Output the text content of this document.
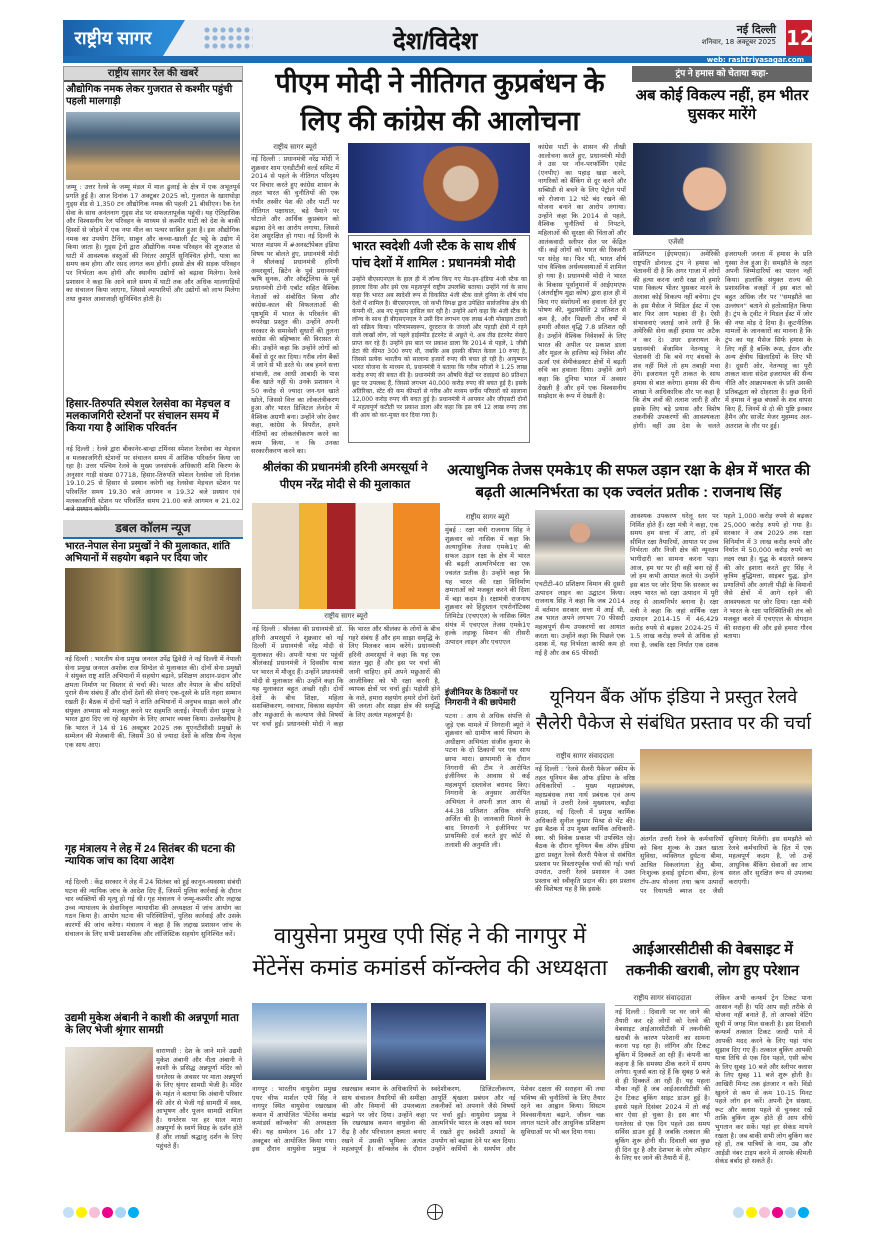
राष्ट्रीय सागर	देश/विदेश	नई दिल्ली
शनिवार, 18 अक्टूबर 2025 12
web: rashtriyasagar.com
राष्ट्रीय सागर रेल की खबरें
औद्योगिक नमक लेकर गुजरात से कश्मीर पहुंची पहली मालगाड़ी
जम्मू : उत्तर रेलवे के जम्मू मंडल में माल ढुलाई के क्षेत्र में एक अभूतपूर्व प्रगति हुई है। आज दिनांक 17 अक्टूबर 2025 को, गुजरात के खाराघोड़ा गुड्स शेड से 1,350 टन औद्योगिक नमक की पहली 21 बीसीएन। रैक रेल सेवा के साथ अनंतनाग गुड्स शेड पर सफलतापूर्वक पहुंची। यह ऐतिहासिक और विश्वसनीय रेल परिवहन के माध्यम से कश्मीर घाटी को देश के बाकी हिस्सों से जोड़ने में एक नया मील का पत्थर साबित हुआ है। इस औद्योगिक नमक का उपयोग टैनिंग, साबुन और कच्चा-खाली ईंट भट्ठे के उद्योग में किया जाता है। गुड्स ट्रेनों द्वारा औद्योगिक नमक परिवहन की शुरुआत से घाटी में आवश्यक वस्तुओं की निरंतर आपूर्ति सुनिश्चित होगी, यात्रा का समय कम होगा और रसद लागत कम होगी। इससे क्षेत्र की सड़क परिवहन पर निर्भरता कम होगी और स्थानीय उद्योगों को बढ़ावा मिलेगा। रेलवे प्रशासन ने कहा कि आने वाले समय में घाटी तक और अधिक मालगाड़ियों का संचालन किया जाएगा, जिससे व्यापारियों और उद्योगों को लाभ मिलेगा तथा कुशल आवाजाही सुनिश्चित होती है।
हिसार-तिरुपति स्पेशल रेलसेवा का मेड़चल व मलकाजगिरी स्टेशनों पर संचालन समय में किया गया है आंशिक परिवर्तन
नई दिल्ली : रेलवे द्वारा बीकानेर-बान्द्रा टर्मिनस स्पेशल रेलसेवा का मेड़चल व मलकाजगिरी स्टेशनों पर संचालन समय में आंशिक परिवर्तन किया जा रहा है। उत्तर पश्चिम रेलवे के मुख्य जनसंपर्क अधिकारी शशि किरण के अनुसार गाड़ी संख्या 07718, हिसार-तिरुपति स्पेशल रेलसेवा जो दिनांक 19.10.25 से हिसार से प्रस्थान करेगी वह रेलसेवा मेड़चल स्टेशन पर परिवर्तित समय 19.30 बजे आगमन व 19.32 बजे प्रस्थान एवं मलकाजगिरी स्टेशन पर परिवर्तित समय 21.00 बजे आगमन व 21.02 बजे प्रस्थान करेगी।
डबल कॉलम न्यूज
भारत-नेपाल सेना प्रमुखों ने की मुलाकात, शांति अभियानों में सहयोग बढ़ाने पर दिया जोर
नई दिल्ली : भारतीय सेना प्रमुख जनरल उपेंद्र द्विवेदी ने नई दिल्ली में नेपाली सेना प्रमुख जनरल अशोक राज सिग्देल से मुलाकात की। दोनों सेना प्रमुखों ने संयुक्त राष्ट्र शांति अभियानों में सहयोग बढ़ाने, प्रशिक्षण आदान-प्रदान और क्षमता निर्माण पर विस्तार से चर्चा की। भारत और नेपाल के बीच सदियों पुराने सैन्य संबंध हैं और दोनों देशों की सेनाएं एक-दूसरे के प्रति गहरा सम्मान रखती हैं। बैठक में दोनों पक्षों ने शांति अभियानों में अनुभव साझा करने और संयुक्त अभ्यास को मजबूत करने पर सहमति जताई। नेपाली सेना प्रमुख ने भारत द्वारा दिए जा रहे सहयोग के लिए आभार व्यक्त किया। उल्लेखनीय है कि भारत ने 14 से 16 अक्टूबर 2025 तक यूएनटीसीसी प्रमुखों के सम्मेलन की मेजबानी की, जिसमें 30 से ज्यादा देशों के वरिष्ठ सैन्य नेतृत्व एक साथ आए।
गृह मंत्रालय ने लेह में 24 सितंबर की घटना की न्यायिक जांच का दिया आदेश
नई दिल्ली : केंद्र सरकार ने लेह में 24 सितंबर को हुई कानून-व्यवस्था संबंधी घटना की न्यायिक जांच के आदेश दिए हैं, जिसमें पुलिस कार्रवाई के दौरान चार व्यक्तियों की मृत्यु हो गई थी। गृह मंत्रालय ने जम्मू-कश्मीर और लद्दाख उच्च न्यायालय के सेवानिवृत्त न्यायाधीश की अध्यक्षता में जांच आयोग का गठन किया है। आयोग घटना की परिस्थितियों, पुलिस कार्रवाई और उसके कारणों की जांच करेगा। मंत्रालय ने कहा है कि लद्दाख प्रशासन जांच के संचालन के लिए सभी प्रशासनिक और लॉजिस्टिक सहयोग सुनिश्चित करें।
उद्यमी मुकेश अंबानी ने काशी की अन्नपूर्णा माता के लिए भेजी श्रृंगार सामग्री
वाराणसी : देश के जाने माने उद्यमी मुकेश अंबानी और नीता अंबानी ने काशी के प्रसिद्ध अन्नपूर्णा मंदिर को धनतेरस के अवसर पर माता अन्नपूर्णा के लिए श्रृंगार सामग्री भेजी है। मंदिर के महंत ने बताया कि अंबानी परिवार की ओर से भेजी गई सामग्री में वस्त्र, आभूषण और पूजन सामग्री शामिल है। धनतेरस पर हर साल माता अन्नपूर्णा के स्वर्ण विग्रह के दर्शन होते हैं और लाखों श्रद्धालु दर्शन के लिए पहुंचते हैं।
पीएम मोदी ने नीतिगत कुप्रबंधन के लिए की कांग्रेस की आलोचना
राष्ट्रीय सागर ब्यूरो
नई दिल्ली : प्रधानमंत्री नरेंद्र मोदी ने शुक्रवार शाम एनडीटीवी वर्ल्ड समिट में 2014 से पहले के नीतिगत परिदृश्य पर विचार करते हुए कांग्रेस शासन के तहत भारत की चुनौतियों की एक गंभीर तस्वीर पेश की और पार्टी पर नीतिगत पक्षाघात, बड़े पैमाने पर घोटाले और आर्थिक कुप्रबंधन को बढ़ावा देने का आरोप लगाया, जिससे देश असुरक्षित हो गया। नई दिल्ली के भारत मंडपम में #अनस्टॉपेबल इंडिया विषय पर बोलते हुए, प्रधानमंत्री मोदी ने श्रीलंकाई प्रधानमंत्री हरिणी अमरसूर्या, ब्रिटेन के पूर्व प्रधानमंत्री ऋषि सुनक, और ऑस्ट्रेलिया के पूर्व प्रधानमंत्री टोनी एबॉट सहित वैश्विक नेताओं को संबोधित किया और कांग्रेस-काल की विफलताओं की पृष्ठभूमि में भारत के परिवर्तन की रूपरेखा प्रस्तुत की। उन्होंने अपनी सरकार के समावेशी सुधारों की तुलना कांग्रेस की बहिष्कार की विरासत से की। उन्होंने कहा कि उन्होंने लोगों को बैंकों से दूर कर दिया। गरीब लोग बैंकों में जाने से भी डरते थे। जब हमने सत्ता संभाली, तब आधी आबादी के पास बैंक खाते नहीं थे। उनके प्रशासन ने 50 करोड़ से ज्यादा जन-धन खाते खोले, जिससे वित्त का लोकतंत्रीकरण हुआ और भारत डिजिटल लेनदेन में वैश्विक अग्रणी बना। उन्होंने जोर देकर कहा, कांग्रेस के विपरीत, हमने नीतियों का लोकतंत्रीकरण करने का काम किया, न कि उनका सरकारीकरण करने का।
भारत स्वदेशी 4जी स्टैक के साथ शीर्ष पांच देशों में शामिल : प्रधानमंत्री मोदी
उन्होंने बीएसएनएल के हाल ही में लॉन्च किए गए मेड-इन-इंडिया 4जी स्टैक का हवाला दिया और इसे एक महत्वपूर्ण राष्ट्रीय उपलब्धि बताया। उन्होंने गर्व के साथ कहा कि भारत अब स्वदेशी रूप से विकसित 4जी स्टैक वाले दुनिया के शीर्ष पांच देशों में शामिल है। बीएसएनएल, जो कभी विपक्ष द्वारा उपेक्षित सार्वजनिक क्षेत्र की कंपनी थी, अब नए मुकाम हासिल कर रही है। उन्होंने आगे कहा कि 4जी स्टैक के लॉन्च के साथ ही बीएसएनएल ने उसी दिन लगभग एक लाख 4जी मोबाइल टावरों को सक्रिय किया। परिणामस्वरूप, दूरदराज के जंगलों और पहाड़ी क्षेत्रों में रहने वाले लाखों लोग, जो पहले हाईस्पीड इंटरनेट से अछूते थे, अब तीव्र इंटरनेट सेवाएं प्राप्त कर रहे हैं। उन्होंने इस बात पर प्रकाश डाला कि 2014 से पहले, 1 जीबी डेटा की कीमत 300 रुपए थी, जबकि अब इसकी कीमत केवल 10 रुपए है, जिससे प्रत्येक भारतीय को सालाना हजारों रुपए की बचत हो रही है। आयुष्मान भारत योजना के माध्यम से, प्रधानमंत्री ने बताया कि गरीब मरीजों ने 1.25 लाख करोड़ रुपए की बचत की है। प्रधानमंत्री जन औषधि केंद्रों पर दवाइयां 80 प्रतिशत छूट पर उपलब्ध हैं, जिससे लगभग 40,000 करोड़ रुपए की बचत हुई है। इसके अतिरिक्त, स्टेंट की कम कीमतों से गरीब और मध्यम वर्गीय परिवारों को सालाना 12,000 करोड़ रुपए की बचत हुई है। प्रधानमंत्री ने आयकर और जीएसटी दोनों में महत्वपूर्ण कटौती पर प्रकाश डाला और कहा कि इस वर्ष 12 लाख रुपए तक की आय को कर-मुक्त कर दिया गया है।
कांग्रेस पार्टी के शासन की तीखी आलोचना करते हुए, प्रधानमंत्री मोदी ने उस पर नॉन-परफॉर्मिंग एसेट (एनपीए) का पहाड़ खड़ा करने, नागरिकों को बैंकिंग से दूर करने और सब्सिडी से बचने के लिए पेट्रोल पंपों को रोजाना 12 घंटे बंद रखने की योजना बनाने का आरोप लगाया। उन्होंने कहा कि 2014 से पहले, वैश्विक चुनौतियों से निपटने, महिलाओं की सुरक्षा की चिंताओं और आतंकवादी स्लीपर सेल पर केंद्रित थीं। कई लोगों को भारत की रिकवरी पर संदेह था। फिर भी, भारत शीर्ष पांच वैश्विक अर्थव्यवस्थाओं में शामिल हो गया है। प्रधानमंत्री मोदी ने भारत के विकास पूर्वानुमानों में आईएमएफ (अंतर्राष्ट्रीय मुद्रा कोष) द्वारा हाल ही में किए गए संशोधनों का हवाला देते हुए पोषण की, मुद्रास्फीति 2 प्रतिशत से कम है, और पिछली तीन वर्षों में हमारी औसत वृद्धि 7.8 प्रतिशत रही है। उन्होंने वैश्विक निवेशकों के लिए भारत की अपील पर प्रकाश डाला और मूडल के हालिया बड़े निवेश और ऊर्जा एवं सेमीकंडक्टर क्षेत्रों में बढ़ती रुचि का हवाला दिया। उन्होंने आगे कहा कि दुनिया भारत में अवसर देखती है और हमें एक विश्वसनीय साझेदार के रूप में देखती है।
ट्रंप ने हमास को चेताया कहा-
अब कोई विकल्प नहीं, हम भीतर घुसकर मारेंगे
एजेंसी
वाशिंगटन (ईएमएस)। अमेरिकी राष्ट्रपति डोनाल्ड ट्रंप ने हमास को चेतावनी दी है कि अगर गाजा में लोगों की हत्या करना जारी रखा तो हमारे पास विकल्प भीतर घुसकर मारने के अलावा कोई विकल्प नहीं बचेगा। ट्रंप के इस मैसेज ने मिडिल ईस्ट में एक बार फिर आग भड़का दी है। ऐसी संभावनाएं जताई जाने लगी हैं कि अमेरिकी सेना कहीं हमास पर अटैक न कर दे। उधर इजरायल के प्रधानमंत्री बेंजामिन नेतन्याहू ने चेतावनी दी कि बचे गए बंधकों के शव नहीं मिले तो हम तबाही मचा देंगे। इजरायल पूरी ताकत के साथ हमास से बात करेगा। हमास की सैन्य शाखा ने आधिकारिक तौर पर कहा है कि शेष शवों की तलाश जारी है और इसके लिए बड़े प्रयास और विशेष तकनीकी उपकरणों की आवश्यकता होगी। वहीं उस देश के चलते इजरायली जनता में हमास के प्रति गुस्सा तेज हुआ है। समझौते के तहत अपनी जिम्मेदारियों का पालन नहीं किया। हालांकि संयुक्त राज्य की प्रशासनिक वजहों ने इस बात को बहुत अधिक तौर पर ''समझौते का उल्लंघन'' बताने से हतोत्साहित किया है। ट्रंप के ट्वीट ने मिडल ईस्ट में जोर की नया मोड़ दे दिया है। कूटनीतिक मामलों के जानकारों का मानना है कि ट्रंप का यह मैसेज सिर्फ हमास के लिए नहीं है बल्कि रूस, ईरान और अन्य क्षेत्रीय खिलाड़ियों के लिए भी है। दूसरी ओर, नेतन्याहू का पूरी ताकत वाला संदेश इजरायल की सैन्य नीति और आक्रामकता के प्रति उसकी प्रतिबद्धता को दोहराता है। कुछ दिनों में हमास ने कुछ बंधकों के शव वापस किए हैं, जिनमें से दो की पुष्टि इनबार हैमैन और सार्जेंट मेजर मुहम्मद अल-अतराश के तौर पर हुई।
श्रीलंका की प्रधानमंत्री हरिनी अमरसूर्या ने पीएम नरेंद्र मोदी से की मुलाकात
राष्ट्रीय सागर ब्यूरो
नई दिल्ली : श्रीलंका की प्रधानमंत्री डॉ. हरिनी अमरसूर्या ने शुक्रवार को नई दिल्ली में प्रधानमंत्री नरेंद्र मोदी से मुलाकात की। अपनी यात्रा पर पहुंचीं श्रीलंकाई प्रधानमंत्री ने दिवसीय यात्रा पर भारत में मौजूद हैं। उन्होंने प्रधानमंत्री मोदी से मुलाकात की। उन्होंने कहा कि यह मुलाकात बहुत अच्छी रही। दोनों देशों के बीच शिक्षा, महिला सशक्तिकरण, नवाचार, विकास सहयोग और मछुआरों के कल्याण जैसे विषयों पर चर्चा हुई। प्रधानमंत्री मोदी ने कहा कि भारत और श्रीलंका के लोगों के बीच गहरे संबंध हैं और हम साझा समृद्धि के लिए मिलकर काम करेंगे। प्रधानमंत्री हरिनी अमरसूर्या ने कहा कि यह एक सतत मुद्दा है और इस पर चर्चा की जानी चाहिए। हमें अपने मछुआरों की आजीविका को भी रक्षा करनी है, व्यापक क्षेत्रों पर चर्चा हुई। पड़ोसी होने के नाते, हमारा सहयोग हमारे दोनों देशों की जनता और साझा क्षेत्र की समृद्धि के लिए अत्यंत महत्वपूर्ण है।
अत्याधुनिक तेजस एमके1ए की सफल उड़ान रक्षा के क्षेत्र में भारत की बढ़ती आत्मनिर्भरता का एक ज्वलंत प्रतीक : राजनाथ सिंह
राष्ट्रीय सागर ब्यूरो
मुंबई : रक्षा मंत्री राजनाथ सिंह ने शुक्रवार को नासिक में कहा कि अत्याधुनिक तेजस एमके1ए की सफल उड़ान रक्षा के क्षेत्र में भारत की बढ़ती आत्मनिर्भरता का एक ज्वलंत प्रतीक है। उन्होंने कहा कि यह भारत की रक्षा विनिर्माण क्षमताओं को मजबूत करने की दिशा में बड़ा कदम है। रक्षामंत्री राजनाथ शुक्रवार को हिंदुस्तान एयरोनॉटिक्स लिमिटेड (एचएएल) के नासिक स्थित संयंत्र में एचएएल तेजस एमके1ए हल्के लड़ाकू विमान की तीसरी उत्पादन लाइन और एचएएल
एचटीटी-40 प्रशिक्षण विमान की दूसरी उत्पादन लाइन का उद्घाटन किया। राजनाथ सिंह ने कहा कि जब 2014 में वर्तमान सरकार सत्ता में आई थी, तब भारत अपने लगभग 70 फीसदी महत्वपूर्ण सैन्य उपकरणों का आयात करता था। उन्होंने कहा कि पिछले एक दशक में, यह निर्भरता काफी कम हो गई है और अब 65 फीसदी
आवश्यक उपकरण घरेलू स्तर पर निर्मित होते हैं। रक्षा मंत्री ने कहा, एक समय हम सत्ता में आए, तो हमें सीमित रक्षा तैयारियों, आयात पर उच्च निर्भरता और निजी क्षेत्र की न्यूनतम भागीदारी का सामना करना पड़ा। आज, हम घर पर ही वही बना रहे हैं जो हम कभी आयात करते थे। उन्होंने इस बात पर जोर दिया कि सरकार का लक्ष्य भारत को रक्षा उत्पादन में पूरी तरह से आत्मनिर्भर बनाना है। रक्षा मंत्री ने कहा कि जहां वार्षिक रक्षा उत्पादन 2014-15 में 46,429 करोड़ रुपये से बढ़कर 2024-25 में 1.5 लाख करोड़ रुपये से अधिक हो गया है, जबकि रक्षा निर्यात एक दशक पहले 1,000 करोड़ रुपये से बढ़कर 25,000 करोड़ रुपये हो गया है। सरकार ने अब 2029 तक रक्षा विनिर्माण में 3 लाख करोड़ रुपये और निर्यात में 50,000 करोड़ रुपये का लक्ष्य रखा है। युद्ध के बदलते स्वरूप की ओर इशारा करते हुए सिंह ने कृत्रिम बुद्धिमत्ता, साइबर युद्ध, ड्रोन प्रणालियों और अगली पीढ़ी के विमानों जैसे क्षेत्रों में आगे रहने की आवश्यकता पर जोर दिया। रक्षा मंत्री ने भारत के रक्षा पारिस्थितिकी तंत्र को मजबूत करने में एचएएल के योगदान की सराहना की और इसे हमारा गौरव बताया।
इंजीनियर के ठिकानों पर निगरानी ने की छापेमारी
पटना : आय से अधिक संपत्ति से जुड़े एक मामले में निगरानी ब्यूरो ने शुक्रवार को ग्रामीण कार्य विभाग के अधीक्षण अभियंता संजीव कुमार के पटना के दो ठिकानों पर एक साथ छापा मारा। छापामारी के दौरान निगरानी की टीम ने आरोपित इंजीनियर के आवास से कई महत्वपूर्ण दस्तावेज बरामद किए। निगरानी के अनुसार आरोपित अभियंता ने अपनी ज्ञात आय से 44.38 प्रतिशत अधिक संपत्ति अर्जित की है। जानकारी मिलने के बाद निगरानी ने इंजीनियर पर प्राथमिकी दर्ज करते हुए कोर्ट से तलाशी की अनुमति ली।
यूनियन बैंक ऑफ इंडिया ने प्रस्तुत रेलवे सैलेरी पैकेज से संबंधित प्रस्ताव पर की चर्चा
राष्ट्रीय सागर संवाददाता
नई दिल्ली : 'रेलवे सैलरी पैकेज' स्कीम के तहत यूनियन बैंक ऑफ इंडिया के वरिष्ठ अधिकारियों - मुख्य महाप्रबंधक, महाप्रबंधक तथा नार्थ प्रबंधक एवं अन्य शाखों ने उत्तरी रेलवे मुख्यालय, बड़ौदा हाउस, नई दिल्ली में प्रमुख कार्मिक अधिकारी सुनील कुमार मिश्रा से भेंट की। इस बैठक में उप मुख्य कार्मिक अधिकारी-स्था. श्री विवेक प्रकाश भी उपस्थित रहे। बैठक के दौरान यूनियन बैंक ऑफ इंडिया द्वारा प्रस्तुत रेलवे सैलरी पैकेज से संबंधित प्रस्ताव पर विस्तारपूर्वक चर्चा की गई। चर्चा उपरांत, उत्तरी रेलवे प्रशासन ने उक्त प्रस्ताव को स्वीकृति प्रदान की। इस प्रस्ताव की विशेषता यह है कि इसके
अंतर्गत उत्तरी रेलवे के कर्मचारियों को बिना शुल्क के उन्नत खाता सुविधा, व्यक्तिगत दुर्घटना बीमा, आश्रित विकलांगता हेतु बीमा, निःशुल्क हवाई दुर्घटना बीमा, हेल्थ टॉप-अप योजना तथा ऋण उत्पादों पर रियायती ब्याज दर जैसी सुविधाएं मिलेंगी। इस समझौते को रेलवे कर्मचारियों के हित में एक महत्वपूर्ण कदम है, जो उन्हें आधुनिक बैंकिंग सेवाओं का लाभ सरल और सुरक्षित रूप से उपलब्ध कराएगी।
वायुसेना प्रमुख एपी सिंह ने की नागपुर में मेंटेनेंस कमांड कमांडर्स कॉन्क्लेव की अध्यक्षता
नागपुर : भारतीय वायुसेना प्रमुख एयर चीफ मार्शल एपी सिंह ने नागपुर स्थित वायुसेना रखरखाव कमान में आयोजित 'मेंटेनेंस कमांड कमांडर्स कॉन्क्लेव' की अध्यक्षता की। यह सम्मेलन 16 और 17 अक्टूबर को आयोजित किया गया। इस दौरान वायुसेना प्रमुख ने रखरखाव कमान के अधिकारियों के साथ संचालन तैयारियों की समीक्षा की और विमानों की उपलब्धता बढ़ाने पर जोर दिया। उन्होंने कहा कि रखरखाव कमान वायुसेना की रीढ़ है और परिचालन क्षमता बनाए रखने में उसकी भूमिका अत्यंत महत्वपूर्ण है। कॉन्क्लेव के दौरान स्वदेशीकरण, डिजिटलीकरण, आपूर्ति श्रृंखला प्रबंधन और नई तकनीकों को अपनाने जैसे विषयों पर चर्चा हुई। वायुसेना प्रमुख ने आत्मनिर्भर भारत के लक्ष्य को ध्यान में रखते हुए स्वदेशी उत्पादों के उपयोग को बढ़ावा देने पर बल दिया। उन्होंने कर्मियों के समर्पण और पेशेवर दक्षता की सराहना की तथा भविष्य की चुनौतियों के लिए तैयार रहने का आह्वान किया। सिस्टम विश्वसनीयता बढ़ाने, जीवन चक्र लागत घटाने और आधुनिक प्रशिक्षण सुविधाओं पर भी बल दिया गया।
आईआरसीटीसी की वेबसाइट में तकनीकी खराबी, लोग हुए परेशान
राष्ट्रीय सागर संवाददाता
नई दिल्ली : दिवाली पर घर जाने की तैयारी कर रहे लोगों को रेलवे की वेबसाइट आईआरसीटीसी में तकनीकी खराबी के कारण परेशानी का सामना करना पड़ रहा है। लॉगिन और टिकट बुकिंग में दिक्कतें आ रही हैं। कंपनी का कहना है कि समस्या ठीक करने में समय लगेगा। यूजर्स बता रहे हैं कि सुबह 9 बजे से ही दिक्कतें आ रही हैं। यह पहला मौका नहीं है जब आईआरसीटीसी की ट्रेन टिकट बुकिंग साइट डाउन हुई है। इससे पहले दिसंबर 2024 में तो कई बार ऐसा हो चुका है। इस बार भी धनतेरस से एक दिन पहले उस समय सर्विस डाउन हुई है जबकि तत्काल की बुकिंग शुरू होनी थी। दिवाली बस कुछ ही दिन दूर है और देशभर के लोग त्योहार के लिए घर जाने की तैयारी में हैं,
लेकिन अभी कन्फर्म ट्रेन टिकट पाना आसान नहीं है। यदि आप सही तरीके से योजना नहीं बनाते हैं, तो आपको वेटिंग सूची में जगह मिल सकती है। इस दिवाली कन्फर्म तत्काल टिकट जल्दी पाने में आपकी मदद करने के लिए यहां पांच सुझाव दिए गए हैं। तत्काल बुकिंग आपकी यात्रा तिथि से एक दिन पहले, एसी कोच के लिए सुबह 10 बजे और स्लीपर क्लास के लिए सुबह 11 बजे शुरू होती है। आखिरी मिनट तक इंतजार न करें। विंडो खुलने से कम से कम 10-15 मिनट पहले लॉग इन करें। अपनी ट्रेन संख्या, रूट और क्लास पहले से चुनकर रखें ताकि बुकिंग शुरू होते ही आप सीधे भुगतान कर सकें। यहां हर सेकंड मायने रखता है। जब बाकी सभी लोग बुकिंग कर रहे हों, तब यात्रियों के नाम, उम्र और आईडी नंबर टाइप करने में आपके कीमती सेकंड बर्बाद हो सकते हैं।
